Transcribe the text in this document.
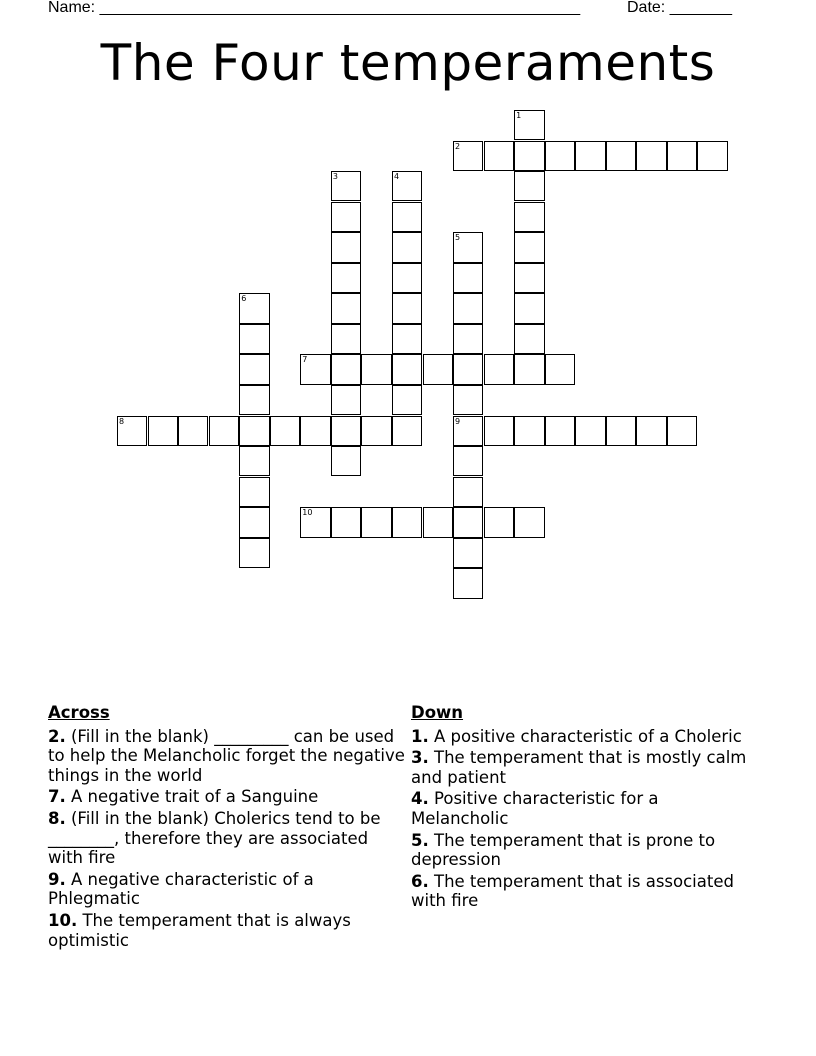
Name: ______________________________________________________	Date: _______
The Four temperaments
1
2
3	4
5
9
6
7
8
10
Across
2. (Fill in the blank) _________ can be used to help the Melancholic forget the negative things in the world
7. A negative trait of a Sanguine
8. (Fill in the blank) Cholerics tend to be ________, therefore they are associated with fire
9. A negative characteristic of a Phlegmatic
10. The temperament that is always optimistic
Down
1. A positive characteristic of a Choleric
3. The temperament that is mostly calm and patient
4. Positive characteristic for a Melancholic
5. The temperament that is prone to depression
6. The temperament that is associated with fire
